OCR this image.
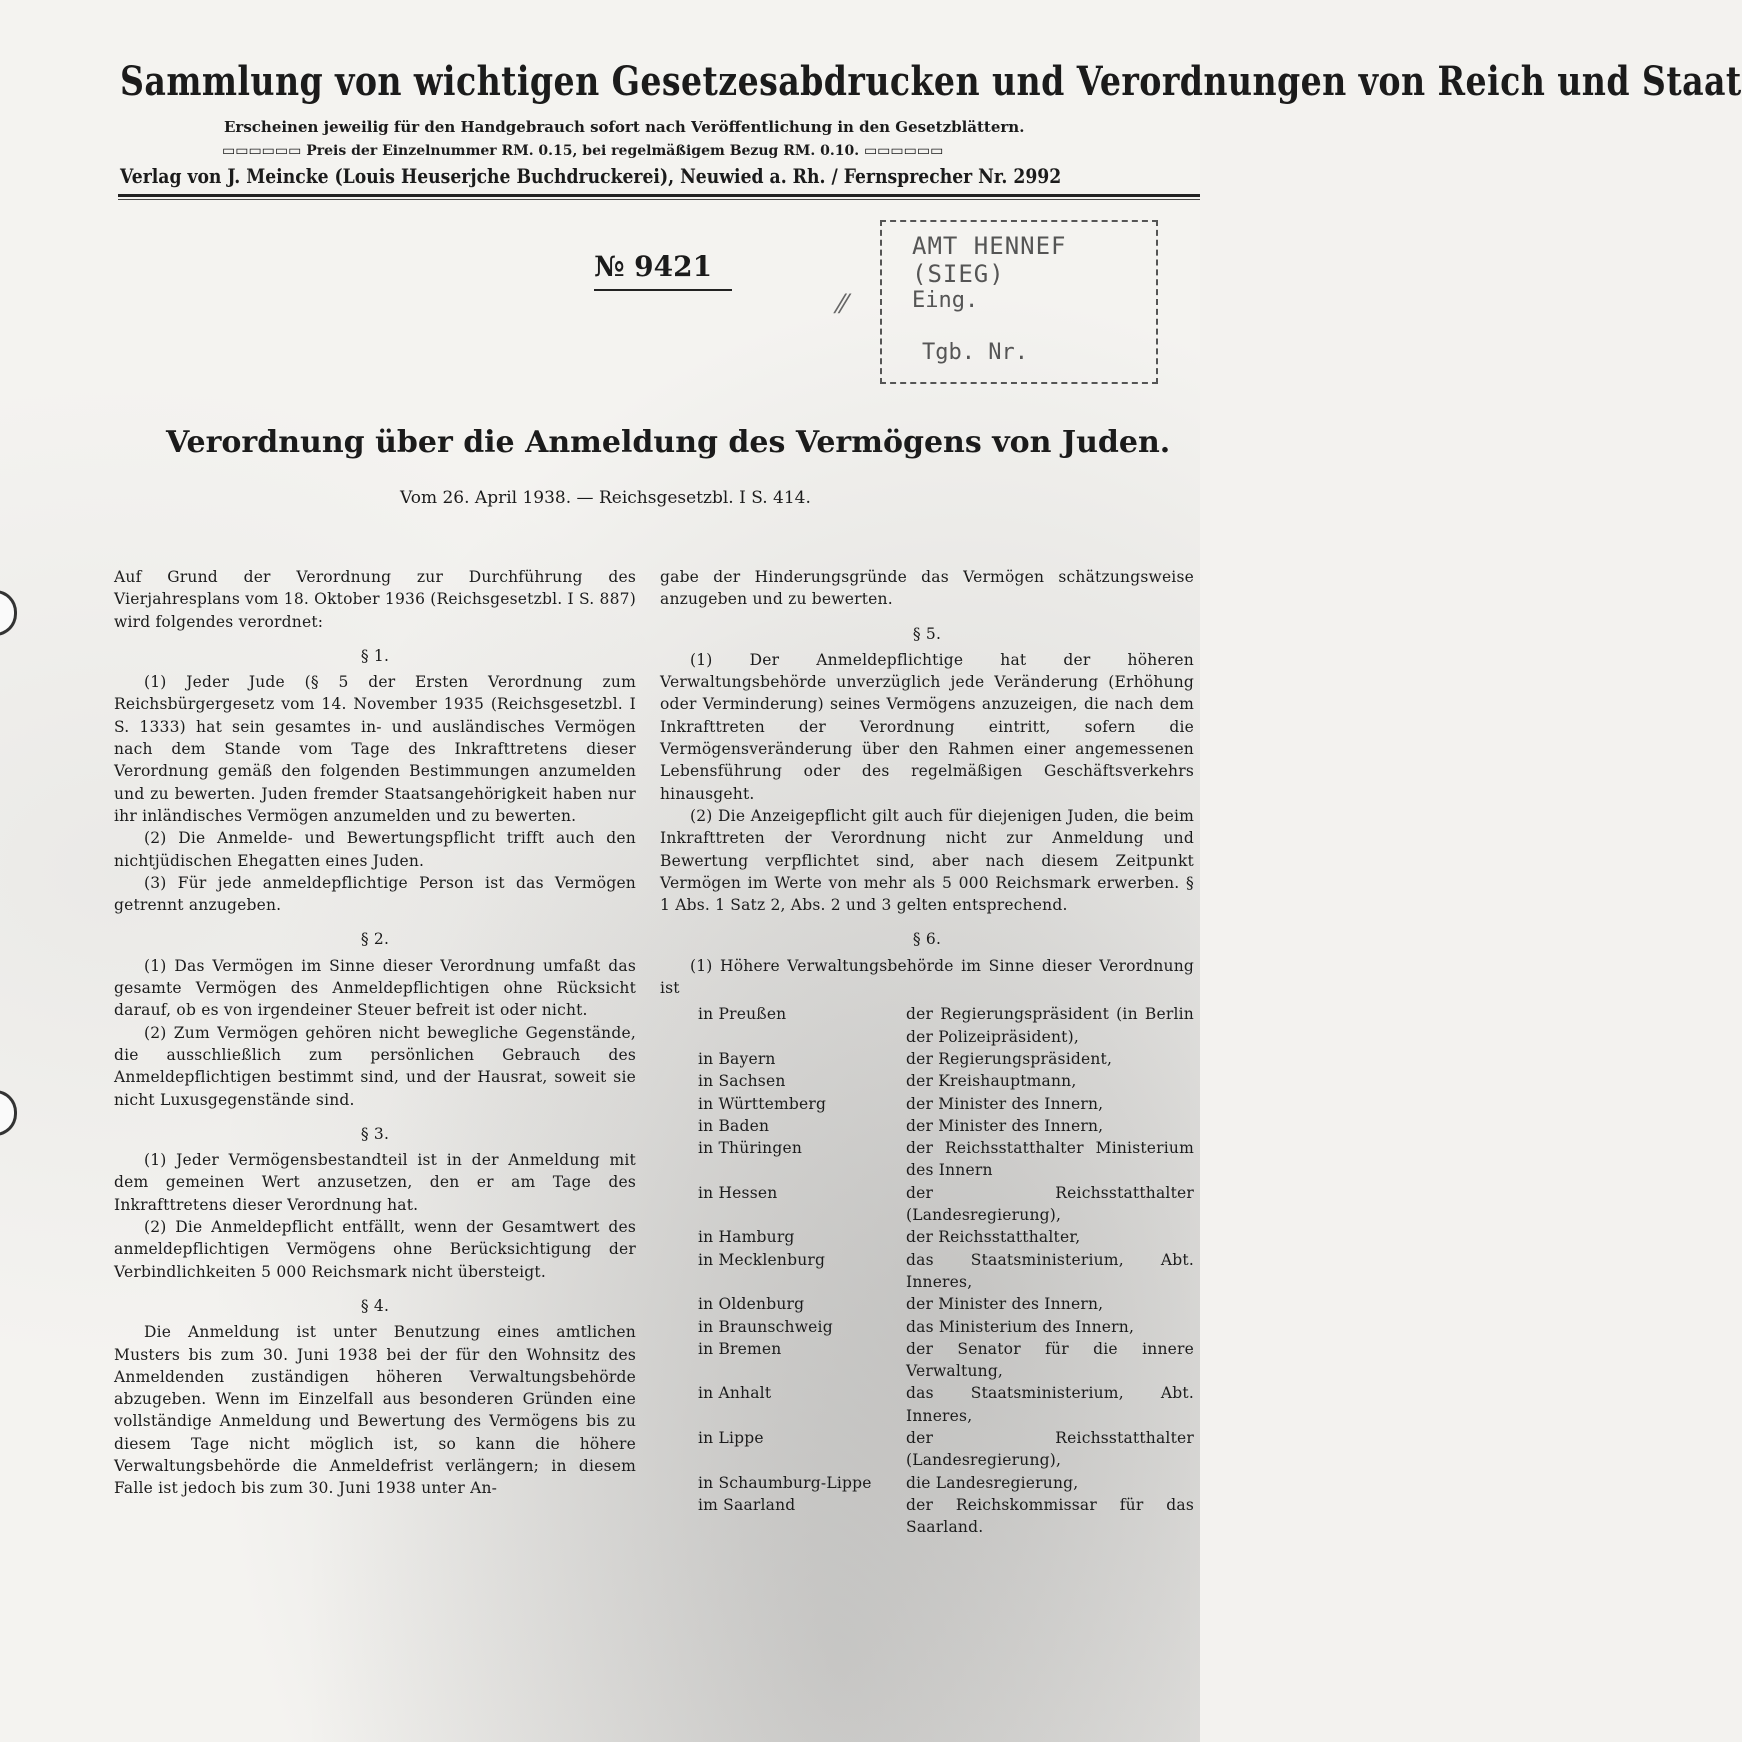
Sammlung von wichtigen Gesetzesabdrucken und Verordnungen von Reich und Staat
Erscheinen jeweilig für den Handgebrauch sofort nach Veröffentlichung in den Gesetzblättern.
▭▭▭▭▭▭ Preis der Einzelnummer RM. 0.15, bei regelmäßigem Bezug RM. 0.10. ▭▭▭▭▭▭
Verlag von J. Meincke (Louis Heuserjche Buchdruckerei), Neuwied a. Rh. / Fernsprecher Nr. 2992
№ 9421
⁄⁄
AMT HENNEF (SIEG)
Eing.
Tgb. Nr.
Verordnung über die Anmeldung des Vermögens von Juden.
Vom 26. April 1938. — Reichsgesetzbl. I S. 414.

Auf Grund der Verordnung zur Durchführung des Vierjahresplans vom 18. Oktober 1936 (Reichsgesetzbl. I S. 887) wird folgendes verordnet:

§ 1.

(1) Jeder Jude (§ 5 der Ersten Verordnung zum Reichsbürgergesetz vom 14. November 1935 (Reichsgesetzbl. I S. 1333) hat sein gesamtes in- und ausländisches Vermögen nach dem Stande vom Tage des Inkrafttretens dieser Verordnung gemäß den folgenden Bestimmungen anzumelden und zu bewerten. Juden fremder Staatsangehörigkeit haben nur ihr inländisches Vermögen anzumelden und zu bewerten.

(2) Die Anmelde- und Bewertungspflicht trifft auch den nichtjüdischen Ehegatten eines Juden.

(3) Für jede anmeldepflichtige Person ist das Vermögen getrennt anzugeben.

§ 2.

(1) Das Vermögen im Sinne dieser Verordnung umfaßt das gesamte Vermögen des Anmeldepflichtigen ohne Rücksicht darauf, ob es von irgendeiner Steuer befreit ist oder nicht.

(2) Zum Vermögen gehören nicht bewegliche Gegenstände, die ausschließlich zum persönlichen Gebrauch des Anmeldepflichtigen bestimmt sind, und der Hausrat, soweit sie nicht Luxusgegenstände sind.

§ 3.

(1) Jeder Vermögensbestandteil ist in der Anmeldung mit dem gemeinen Wert anzusetzen, den er am Tage des Inkrafttretens dieser Verordnung hat.

(2) Die Anmeldepflicht entfällt, wenn der Gesamtwert des anmeldepflichtigen Vermögens ohne Berücksichtigung der Verbindlichkeiten 5 000 Reichsmark nicht übersteigt.

§ 4.

Die Anmeldung ist unter Benutzung eines amtlichen Musters bis zum 30. Juni 1938 bei der für den Wohnsitz des Anmeldenden zuständigen höheren Verwaltungsbehörde abzugeben. Wenn im Einzelfall aus besonderen Gründen eine vollständige Anmeldung und Bewertung des Vermögens bis zu diesem Tage nicht möglich ist, so kann die höhere Verwaltungsbehörde die Anmeldefrist verlängern; in diesem Falle ist jedoch bis zum 30. Juni 1938 unter An-

gabe der Hinderungsgründe das Vermögen schätzungsweise anzugeben und zu bewerten.

§ 5.

(1) Der Anmeldepflichtige hat der höheren Verwaltungsbehörde unverzüglich jede Veränderung (Erhöhung oder Verminderung) seines Vermögens anzuzeigen, die nach dem Inkrafttreten der Verordnung eintritt, sofern die Vermögensveränderung über den Rahmen einer angemessenen Lebensführung oder des regelmäßigen Geschäftsverkehrs hinausgeht.

(2) Die Anzeigepflicht gilt auch für diejenigen Juden, die beim Inkrafttreten der Verordnung nicht zur Anmeldung und Bewertung verpflichtet sind, aber nach diesem Zeitpunkt Vermögen im Werte von mehr als 5 000 Reichsmark erwerben. § 1 Abs. 1 Satz 2, Abs. 2 und 3 gelten entsprechend.

§ 6.

(1) Höhere Verwaltungsbehörde im Sinne dieser Verordnung ist

in Preußen	der Regierungspräsident (in Berlin der Polizeipräsident),
in Bayern	der Regierungspräsident,
in Sachsen	der Kreishauptmann,
in Württemberg	der Minister des Innern,
in Baden	der Minister des Innern,
in Thüringen	der Reichsstatthalter Ministerium des Innern
in Hessen	der Reichsstatthalter (Landesregierung),
in Hamburg	der Reichsstatthalter,
in Mecklenburg	das Staatsministerium, Abt. Inneres,
in Oldenburg	der Minister des Innern,
in Braunschweig	das Ministerium des Innern,
in Bremen	der Senator für die innere Verwaltung,
in Anhalt	das Staatsministerium, Abt. Inneres,
in Lippe	der Reichsstatthalter (Landesregierung),
in Schaumburg-Lippe	die Landesregierung,
im Saarland	der Reichskommissar für das Saarland.
